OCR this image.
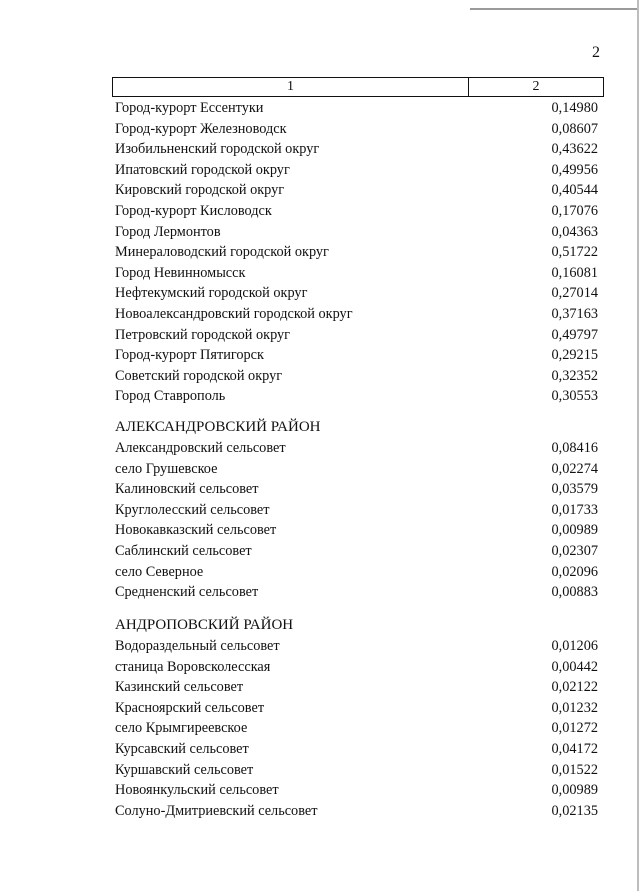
2
1	2
Город-курорт Ессентуки	0,14980
Город-курорт Железноводск	0,08607
Изобильненский городской округ	0,43622
Ипатовский городской округ	0,49956
Кировский городской округ	0,40544
Город-курорт Кисловодск	0,17076
Город Лермонтов	0,04363
Минераловодский городской округ	0,51722
Город Невинномысск	0,16081
Нефтекумский городской округ	0,27014
Новоалександровский городской округ	0,37163
Петровский городской округ	0,49797
Город-курорт Пятигорск	0,29215
Советский городской округ	0,32352
Город Ставрополь	0,30553
АЛЕКСАНДРОВСКИЙ РАЙОН
Александровский сельсовет	0,08416
село Грушевское	0,02274
Калиновский сельсовет	0,03579
Круглолесский сельсовет	0,01733
Новокавказский сельсовет	0,00989
Саблинский сельсовет	0,02307
село Северное	0,02096
Средненский сельсовет	0,00883
АНДРОПОВСКИЙ РАЙОН
Водораздельный сельсовет	0,01206
станица Воровсколесская	0,00442
Казинский сельсовет	0,02122
Красноярский сельсовет	0,01232
село Крымгиреевское	0,01272
Курсавский сельсовет	0,04172
Куршавский сельсовет	0,01522
Новоянкульский сельсовет	0,00989
Солуно-Дмитриевский сельсовет	0,02135
